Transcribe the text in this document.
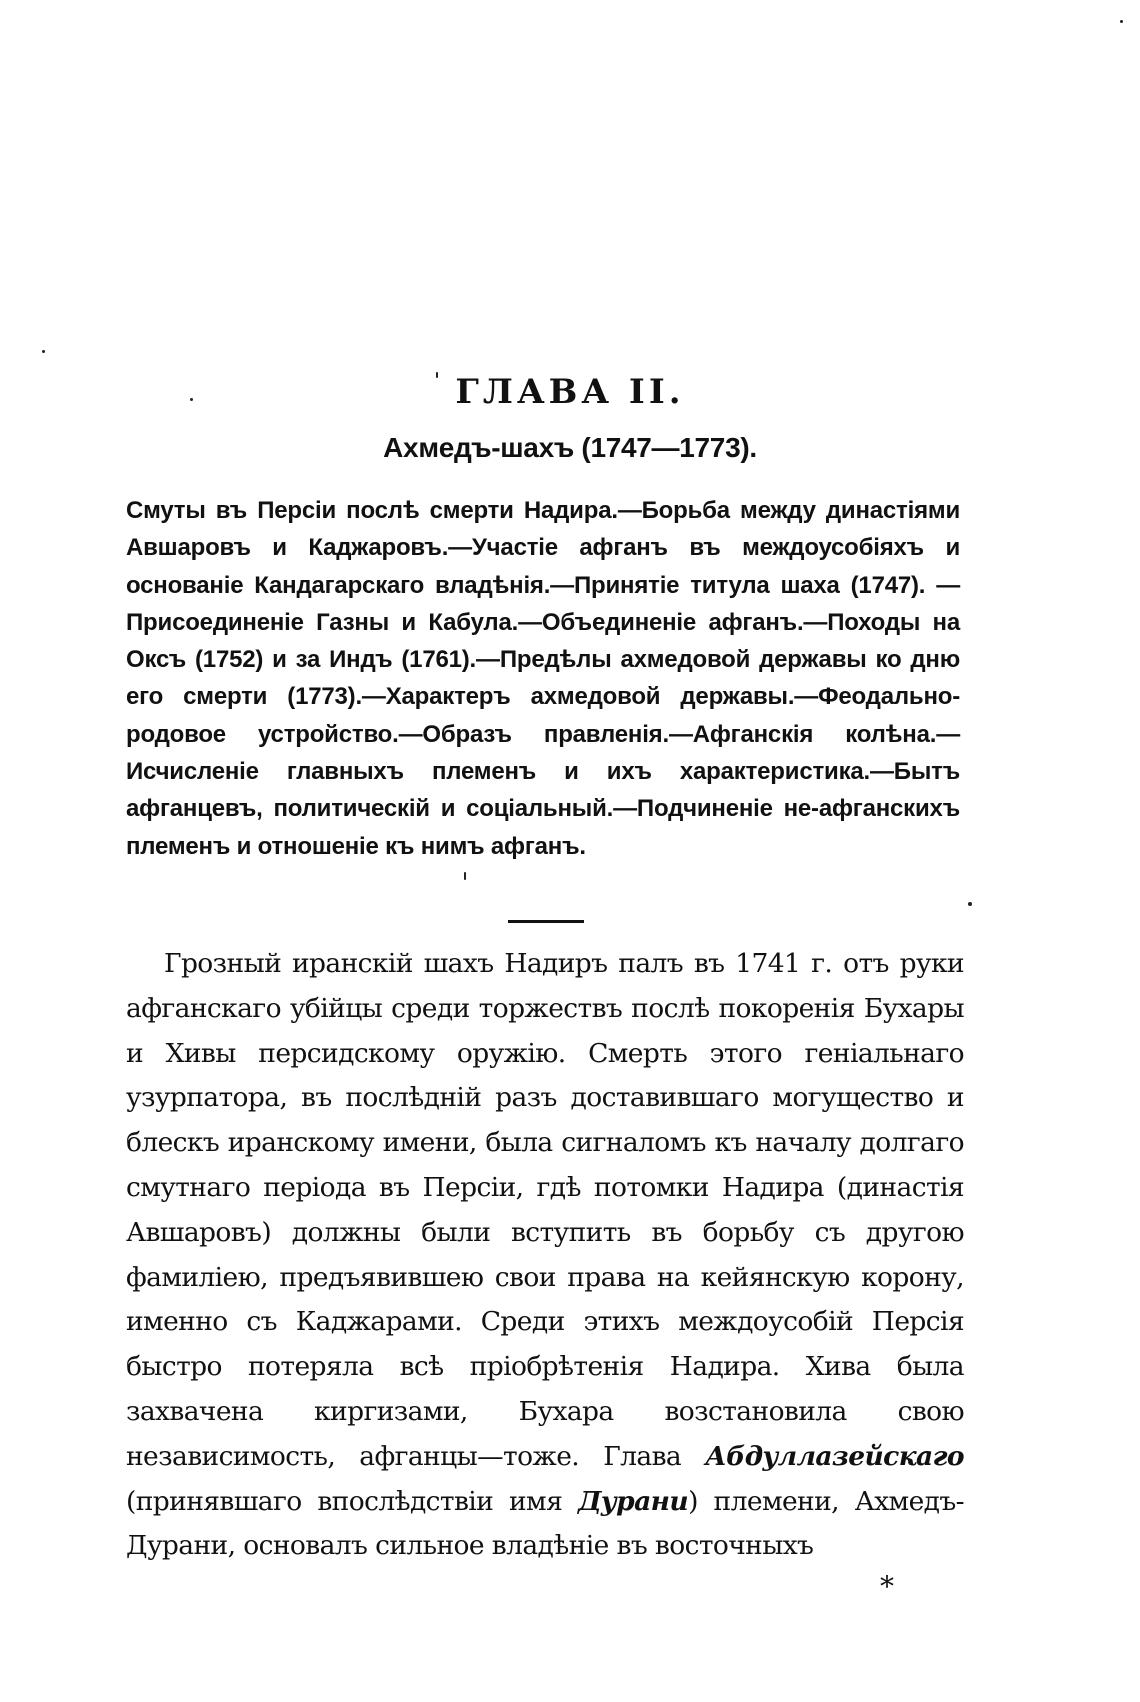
ГЛАВА II.
Ахмедъ-шахъ (1747—1773).
Смуты въ Персіи послѣ смерти Надира.—Борьба между династіями Авшаровъ и Каджаровъ.—Участіе афганъ въ междоусобіяхъ и основаніе Кандагарскаго владѣнія.—Принятіе титула шаха (1747). —Присоединеніе Газны и Кабула.—Объединеніе афганъ.—Походы на Оксъ (1752) и за Индъ (1761).—Предѣлы ахмедовой державы ко дню его смерти (1773).—Характеръ ахмедовой державы.—Феодально-родовое устройство.—Образъ правленія.—Афганскія колѣна.—Исчисленіе главныхъ племенъ и ихъ характеристика.—Бытъ афганцевъ, политическій и соціальный.—Подчиненіе не-афганскихъ племенъ и отношеніе къ нимъ афганъ.

Грозный иранскій шахъ Надиръ палъ въ 1741 г. отъ руки афганскаго убійцы среди торжествъ послѣ покоренія Бухары и Хивы персидскому оружію. Смерть этого геніальнаго узурпатора, въ послѣдній разъ доставившаго могущество и блескъ иранскому имени, была сигналомъ къ началу долгаго смутнаго періода въ Персіи, гдѣ потомки Надира (династія Авшаровъ) должны были вступить въ борьбу съ другою фамиліею, предъявившею свои права на кейянскую корону, именно съ Каджарами. Среди этихъ междоусобій Персія быстро потеряла всѣ пріобрѣтенія Надира. Хива была захвачена киргизами, Бухара возстановила свою независимость, афганцы—тоже. Глава Абдуллазейскаго (принявшаго впослѣдствіи имя Дурани) племени, Ахмедъ-Дурани, основалъ сильное владѣніе въ восточныхъ

*
